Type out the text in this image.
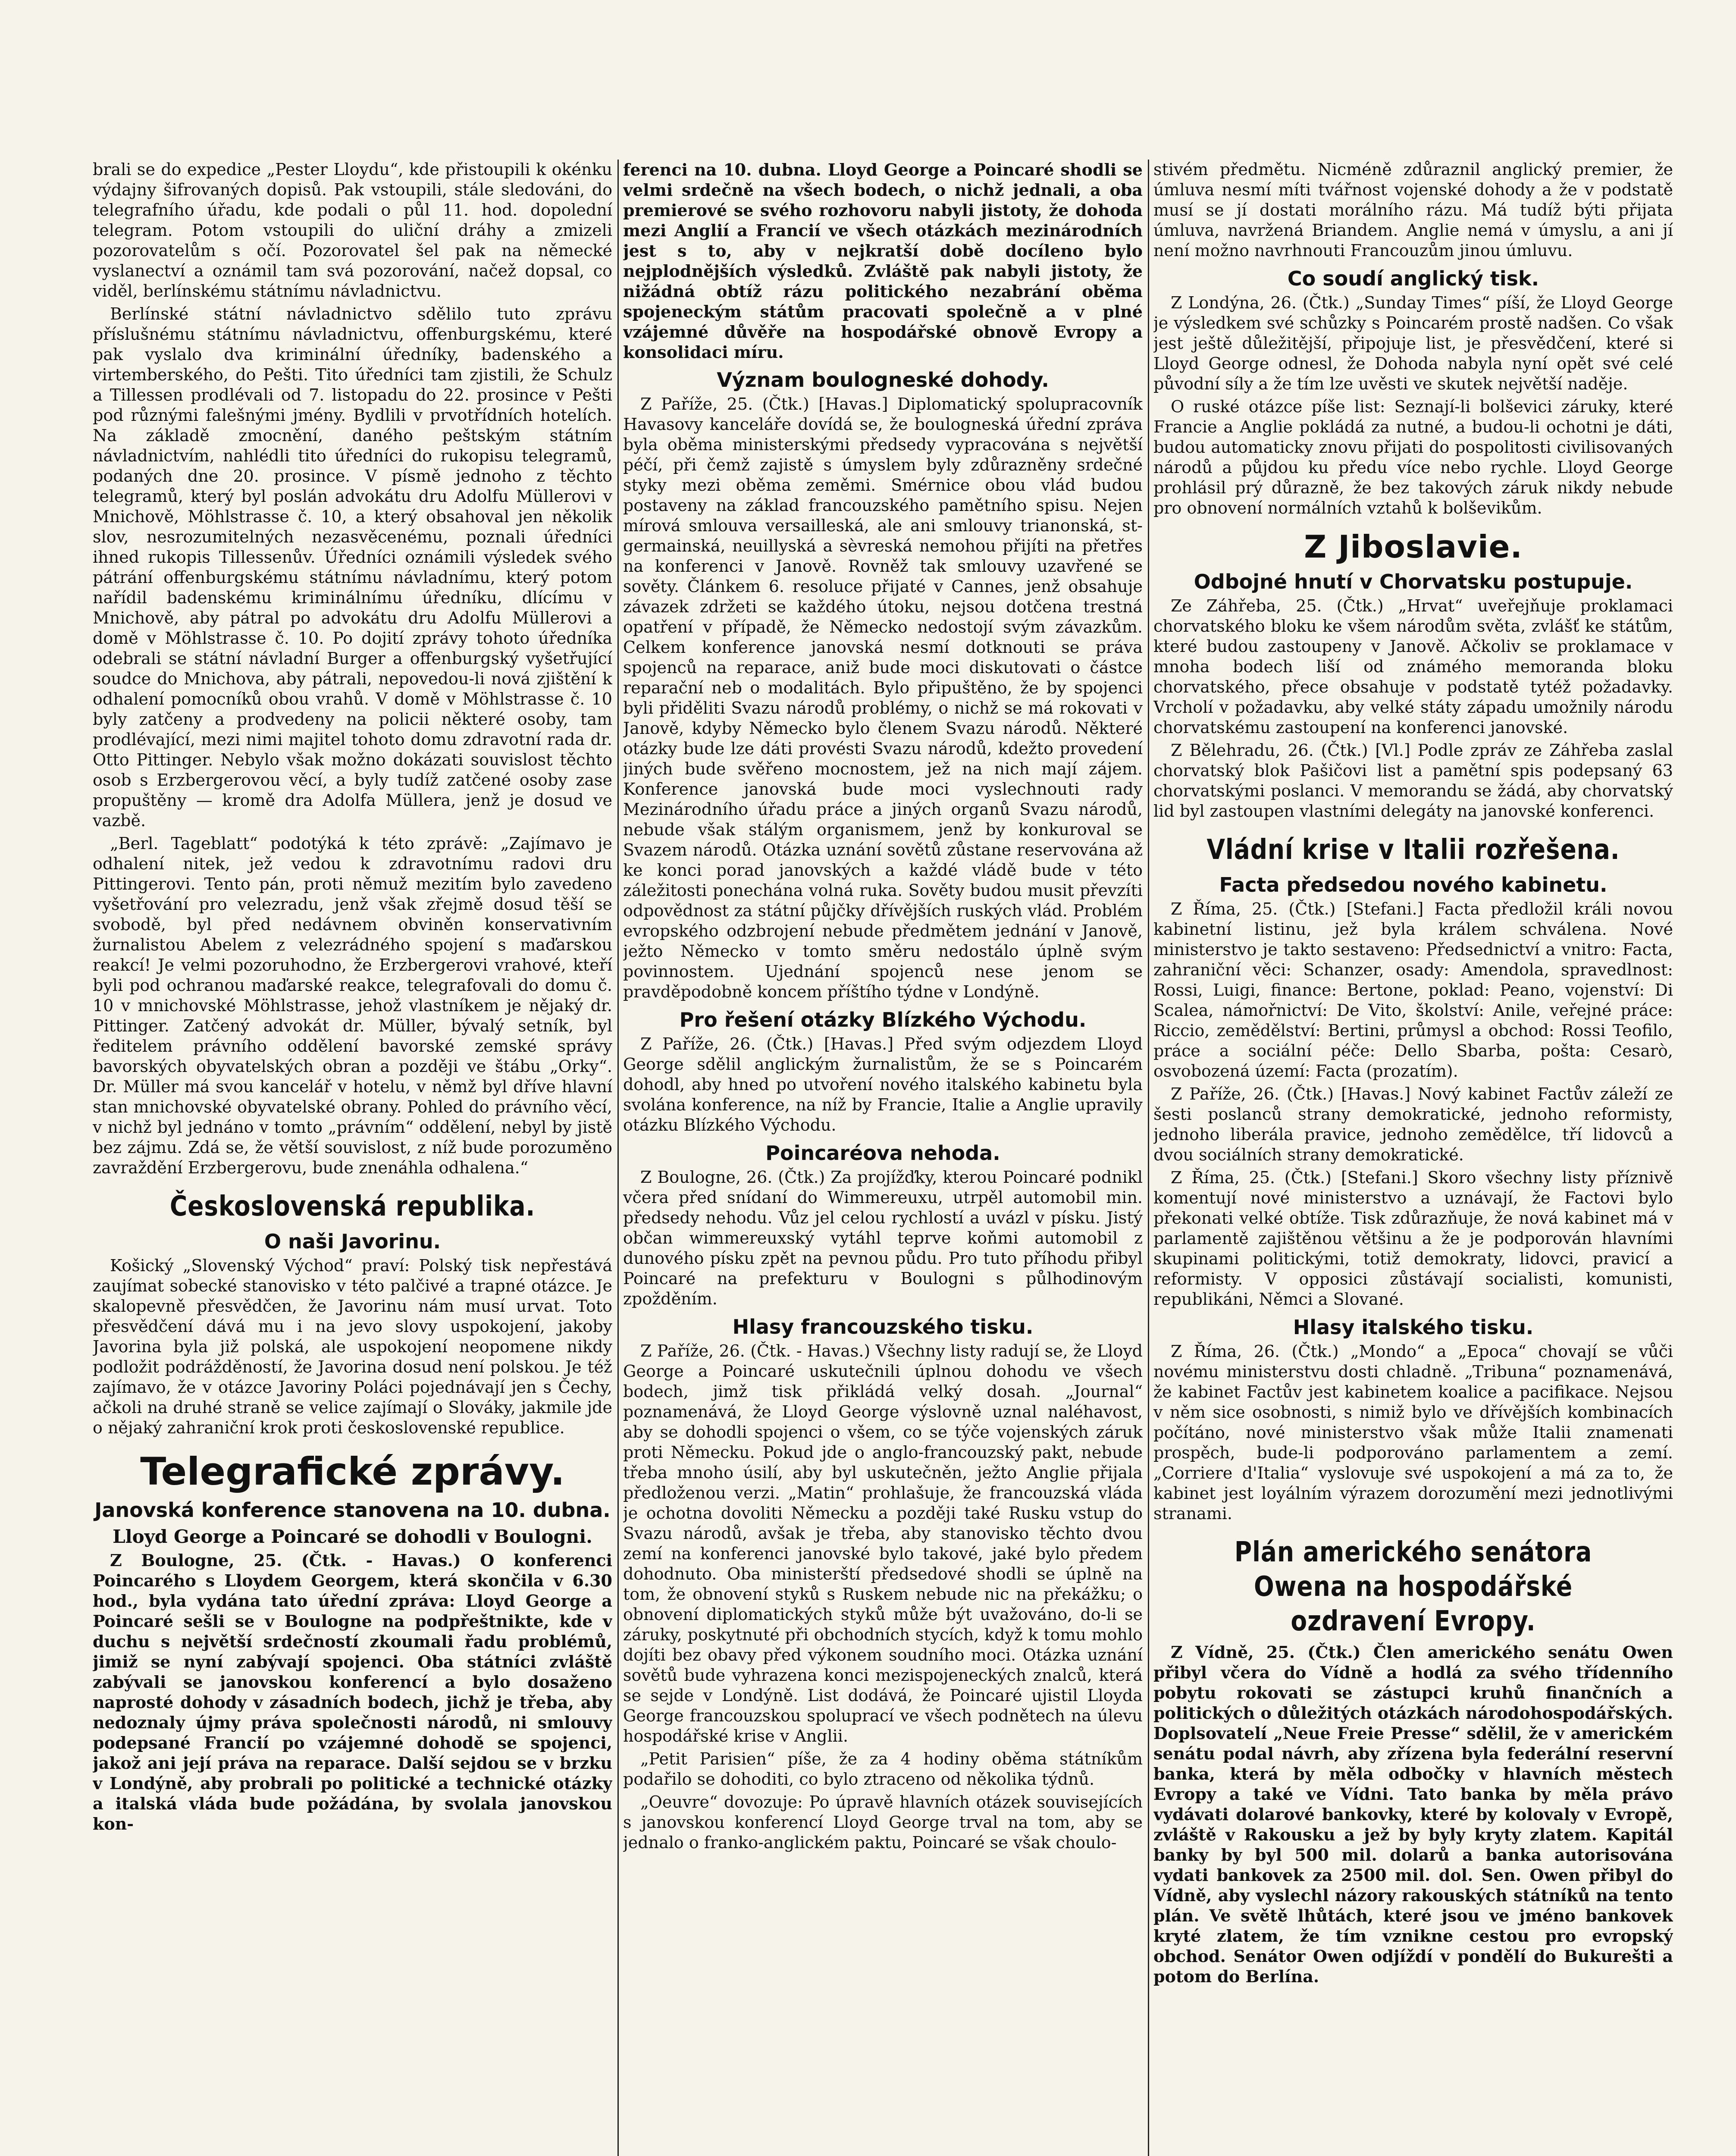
brali se do expedice „Pester Lloydu“, kde přistoupili k okénku výdajny šifrovaných dopisů. Pak vstoupili, stále sledováni, do telegrafního úřadu, kde podali o půl 11. hod. dopolední telegram. Potom vstoupili do uliční dráhy a zmizeli pozorovatelům s očí. Pozorovatel šel pak na německé vyslanectví a oznámil tam svá pozorování, načež dopsal, co viděl, berlínskému státnímu návladnictvu.

Berlínské státní návladnictvo sdělilo tuto zprávu příslušnému státnímu návladnictvu, offenburgskému, které pak vyslalo dva kriminální úředníky, badenského a virtemberského, do Pešti. Tito úředníci tam zjistili, že Schulz a Tillessen prodlévali od 7. listopadu do 22. prosince v Pešti pod různými falešnými jmény. Bydlili v prvotřídních hotelích. Na základě zmocnění, daného peštským státním návladnictvím, nahlédli tito úředníci do rukopisu telegramů, podaných dne 20. prosince. V písmě jednoho z těchto telegramů, který byl poslán advokátu dru Adolfu Müllerovi v Mnichově, Möhlstrasse č. 10, a který obsahoval jen několik slov, nesrozumitelných nezasvěcenému, poznali úředníci ihned rukopis Tillessenův. Úředníci oznámili výsledek svého pátrání offenburgskému státnímu návladnímu, který potom nařídil badenskému kriminálnímu úředníku, dlícímu v Mnichově, aby pátral po advokátu dru Adolfu Müllerovi a domě v Möhlstrasse č. 10. Po dojití zprávy tohoto úředníka odebrali se státní návladní Burger a offenburgský vyšetřující soudce do Mnichova, aby pátrali, nepovedou-li nová zjištění k odhalení pomocníků obou vrahů. V domě v Möhlstrasse č. 10 byly zatčeny a prodvedeny na policii některé osoby, tam prodlévající, mezi nimi majitel tohoto domu zdravotní rada dr. Otto Pittinger. Nebylo však možno dokázati souvislost těchto osob s Erzbergerovou věcí, a byly tudíž zatčené osoby zase propuštěny — kromě dra Adolfa Müllera, jenž je dosud ve vazbě.

„Berl. Tageblatt“ podotýká k této zprávě: „Zajímavo je odhalení nitek, jež vedou k zdravotnímu radovi dru Pittingerovi. Tento pán, proti němuž mezitím bylo zavedeno vyšetřování pro velezradu, jenž však zřejmě dosud těší se svobodě, byl před nedávnem obviněn konservativním žurnalistou Abelem z velezrádného spojení s maďarskou reakcí! Je velmi pozoruhodno, že Erzbergerovi vrahové, kteří byli pod ochranou maďarské reakce, telegrafovali do domu č. 10 v mnichovské Möhlstrasse, jehož vlastníkem je nějaký dr. Pittinger. Zatčený advokát dr. Müller, bývalý setník, byl ředitelem právního oddělení bavorské zemské správy bavorských obyvatelských obran a později ve štábu „Orky“. Dr. Müller má svou kancelář v hotelu, v němž byl dříve hlavní stan mnichovské obyvatelské obrany. Pohled do právního věcí, v nichž byl jednáno v tomto „právním“ oddělení, nebyl by jistě bez zájmu. Zdá se, že větší souvislost, z níž bude porozuměno zavraždění Erzbergerovu, bude znenáhla odhalena.“

Československá republika.
O naši Javorinu.

Košický „Slovenský Východ“ praví: Polský tisk nepřestává zaujímat sobecké stanovisko v této palčivé a trapné otázce. Je skalopevně přesvědčen, že Javorinu nám musí urvat. Toto přesvědčení dává mu i na jevo slovy uspokojení, jakoby Javorina byla již polská, ale uspokojení neopomene nikdy podložit podrážděností, že Javorina dosud není polskou. Je též zajímavo, že v otázce Javoriny Poláci pojednávají jen s Čechy, ačkoli na druhé straně se velice zajímají o Slováky, jakmile jde o nějaký zahraniční krok proti československé republice.

Telegrafické zprávy.
Janovská konference stanovena na 10. dubna.
Lloyd George a Poincaré se dohodli v Boulogni.

Z Boulogne, 25. (Čtk. - Havas.) O konferenci Poincarého s Lloydem Georgem, která skončila v 6.30 hod., byla vydána tato úřední zpráva: Lloyd George a Poincaré sešli se v Boulogne na podpřeštnikte, kde v duchu s největší srdečností zkoumali řadu problémů, jimiž se nyní zabývají spojenci. Oba státníci zvláště zabývali se janovskou konferencí a bylo dosaženo naprosté dohody v zásadních bodech, jichž je třeba, aby nedoznaly újmy práva společnosti národů, ni smlouvy podepsané Francií po vzájemné dohodě se spojenci, jakož ani její práva na reparace. Další sejdou se v brzku v Londýně, aby probrali po politické a technické otázky a italská vláda bude požádána, by svolala janovskou kon-

ferenci na 10. dubna. Lloyd George a Poincaré shodli se velmi srdečně na všech bodech, o nichž jednali, a oba premierové se svého rozhovoru nabyli jistoty, že dohoda mezi Anglií a Francií ve všech otázkách mezinárodních jest s to, aby v nejkratší době docíleno bylo nejplodnějších výsledků. Zvláště pak nabyli jistoty, že nižádná obtíž rázu politického nezabrání oběma spojeneckým státům pracovati společně a v plné vzájemné důvěře na hospodářské obnově Evropy a konsolidaci míru.

Význam boulogneské dohody.

Z Paříže, 25. (Čtk.) [Havas.] Diplomatický spolupracovník Havasovy kanceláře dovídá se, že boulogneská úřední zpráva byla oběma ministerskými předsedy vypracována s největší péčí, při čemž zajistě s úmyslem byly zdůrazněny srdečné styky mezi oběma zeměmi. Smérnice obou vlád budou postaveny na základ francouzského pamětního spisu. Nejen mírová smlouva versailleská, ale ani smlouvy trianonská, st-germainská, neuillyská a sèvreská nemohou přijíti na přetřes na konferenci v Janově. Rovněž tak smlouvy uzavřené se sověty. Článkem 6. resoluce přijaté v Cannes, jenž obsahuje závazek zdržeti se každého útoku, nejsou dotčena trestná opatření v případě, že Německo nedostojí svým závazkům. Celkem konference janovská nesmí dotknouti se práva spojenců na reparace, aniž bude moci diskutovati o částce reparační neb o modalitách. Bylo připuštěno, že by spojenci byli přiděliti Svazu národů problémy, o nichž se má rokovati v Janově, kdyby Německo bylo členem Svazu národů. Některé otázky bude lze dáti provésti Svazu národů, kdežto provedení jiných bude svěřeno mocnostem, jež na nich mají zájem. Konference janovská bude moci vyslechnouti rady Mezinárodního úřadu práce a jiných organů Svazu národů, nebude však stálým organismem, jenž by konkuroval se Svazem národů. Otázka uznání sovětů zůstane reservována až ke konci porad janovských a každé vládě bude v této záležitosti ponechána volná ruka. Sověty budou musit převzíti odpovědnost za státní půjčky dřívějších ruských vlád. Problém evropského odzbrojení nebude předmětem jednání v Janově, ježto Německo v tomto směru nedostálo úplně svým povinnostem. Ujednání spojenců nese jenom se pravděpodobně koncem příštího týdne v Londýně.

Pro řešení otázky Blízkého Východu.

Z Paříže, 26. (Čtk.) [Havas.] Před svým odjezdem Lloyd George sdělil anglickým žurnalistům, že se s Poincarém dohodl, aby hned po utvoření nového italského kabinetu byla svolána konference, na níž by Francie, Italie a Anglie upravily otázku Blízkého Východu.

Poincaréova nehoda.

Z Boulogne, 26. (Čtk.) Za projížďky, kterou Poincaré podnikl včera před snídaní do Wimmereuxu, utrpěl automobil min. předsedy nehodu. Vůz jel celou rychlostí a uvázl v písku. Jistý občan wimmereuxský vytáhl teprve koňmi automobil z dunového písku zpět na pevnou půdu. Pro tuto příhodu přibyl Poincaré na prefekturu v Boulogni s půlhodinovým zpožděním.

Hlasy francouzského tisku.

Z Paříže, 26. (Čtk. - Havas.) Všechny listy radují se, že Lloyd George a Poincaré uskutečnili úplnou dohodu ve všech bodech, jimž tisk přikládá velký dosah. „Journal“ poznamenává, že Lloyd George výslovně uznal naléhavost, aby se dohodli spojenci o všem, co se týče vojenských záruk proti Německu. Pokud jde o anglo-francouzský pakt, nebude třeba mnoho úsilí, aby byl uskutečněn, ježto Anglie přijala předloženou verzi. „Matin“ prohlašuje, že francouzská vláda je ochotna dovoliti Německu a později také Rusku vstup do Svazu národů, avšak je třeba, aby stanovisko těchto dvou zemí na konferenci janovské bylo takové, jaké bylo předem dohodnuto. Oba ministerští předsedové shodli se úplně na tom, že obnovení styků s Ruskem nebude nic na překážku; o obnovení diplomatických styků může být uvažováno, do-li se záruky, poskytnuté při obchodních stycích, když k tomu mohlo dojíti bez obavy před výkonem soudního moci. Otázka uznání sovětů bude vyhrazena konci mezispojeneckých znalců, která se sejde v Londýně. List dodává, že Poincaré ujistil Lloyda George francouzskou spoluprací ve všech podnětech na úlevu hospodářské krise v Anglii.

„Petit Parisien“ píše, že za 4 hodiny oběma státníkům podařilo se dohoditi, co bylo ztraceno od několika týdnů.

„Oeuvre“ dovozuje: Po úpravě hlavních otázek souvisejících s janovskou konferencí Lloyd George trval na tom, aby se jednalo o franko-anglickém paktu, Poincaré se však choulo-

stivém předmětu. Nicméně zdůraznil anglický premier, že úmluva nesmí míti tvářnost vojenské dohody a že v podstatě musí se jí dostati morálního rázu. Má tudíž býti přijata úmluva, navržená Briandem. Anglie nemá v úmyslu, a ani jí není možno navrhnouti Francouzům jinou úmluvu.

Co soudí anglický tisk.

Z Londýna, 26. (Čtk.) „Sunday Times“ píší, že Lloyd George je výsledkem své schůzky s Poincarém prostě nadšen. Co však jest ještě důležitější, připojuje list, je přesvědčení, které si Lloyd George odnesl, že Dohoda nabyla nyní opět své celé původní síly a že tím lze uvěsti ve skutek největší naděje.

O ruské otázce píše list: Seznají-li bolševici záruky, které Francie a Anglie pokládá za nutné, a budou-li ochotni je dáti, budou automaticky znovu přijati do pospolitosti civilisovaných národů a půjdou ku předu více nebo rychle. Lloyd George prohlásil prý důrazně, že bez takových záruk nikdy nebude pro obnovení normálních vztahů k bolševikům.

Z Jiboslavie.
Odbojné hnutí v Chorvatsku postupuje.

Ze Záhřeba, 25. (Čtk.) „Hrvat“ uveřejňuje proklamaci chorvatského bloku ke všem národům světa, zvlášť ke státům, které budou zastoupeny v Janově. Ačkoliv se proklamace v mnoha bodech liší od známého memoranda bloku chorvatského, přece obsahuje v podstatě tytéž požadavky. Vrcholí v požadavku, aby velké státy západu umožnily národu chorvatskému zastoupení na konferenci janovské.

Z Bělehradu, 26. (Čtk.) [Vl.] Podle zpráv ze Záhřeba zaslal chorvatský blok Pašičovi list a pamětní spis podepsaný 63 chorvatskými poslanci. V memorandu se žádá, aby chorvatský lid byl zastoupen vlastními delegáty na janovské konferenci.

Vládní krise v Italii rozřešena.
Facta předsedou nového kabinetu.

Z Říma, 25. (Čtk.) [Stefani.] Facta předložil králi novou kabinetní listinu, jež byla králem schválena. Nové ministerstvo je takto sestaveno: Předsednictví a vnitro: Facta, zahraniční věci: Schanzer, osady: Amendola, spravedlnost: Rossi, Luigi, finance: Bertone, poklad: Peano, vojenství: Di Scalea, námořnictví: De Vito, školství: Anile, veřejné práce: Riccio, zemědělství: Bertini, průmysl a obchod: Rossi Teofilo, práce a sociální péče: Dello Sbarba, pošta: Cesarò, osvobozená území: Facta (prozatím).

Z Paříže, 26. (Čtk.) [Havas.] Nový kabinet Factův záleží ze šesti poslanců strany demokratické, jednoho reformisty, jednoho liberála pravice, jednoho zemědělce, tří lidovců a dvou sociálních strany demokratické.

Z Říma, 25. (Čtk.) [Stefani.] Skoro všechny listy příznivě komentují nové ministerstvo a uznávají, že Factovi bylo překonati velké obtíže. Tisk zdůrazňuje, že nová kabinet má v parlamentě zajištěnou většinu a že je podporován hlavními skupinami politickými, totiž demokraty, lidovci, pravicí a reformisty. V opposici zůstávají socialisti, komunisti, republikáni, Němci a Slované.

Hlasy italského tisku.

Z Říma, 26. (Čtk.) „Mondo“ a „Epoca“ chovají se vůči novému ministerstvu dosti chladně. „Tribuna“ poznamenává, že kabinet Factův jest kabinetem koalice a pacifikace. Nejsou v něm sice osobnosti, s nimiž bylo ve dřívějších kombinacích počítáno, nové ministerstvo však může Italii znamenati prospěch, bude-li podporováno parlamentem a zemí. „Corriere d'Italia“ vyslovuje své uspokojení a má za to, že kabinet jest loyálním výrazem dorozumění mezi jednotlivými stranami.

Plán amerického senátora Owena na hospodářské ozdravení Evropy.

Z Vídně, 25. (Čtk.) Člen amerického senátu Owen přibyl včera do Vídně a hodlá za svého třídenního pobytu rokovati se zástupci kruhů finančních a politických o důležitých otázkách národohospodářských. Doplsovatelí „Neue Freie Presse“ sdělil, že v americkém senátu podal návrh, aby zřízena byla federální reservní banka, která by měla odbočky v hlavních městech Evropy a také ve Vídni. Tato banka by měla právo vydávati dolarové bankovky, které by kolovaly v Evropě, zvláště v Rakousku a jež by byly kryty zlatem. Kapitál banky by byl 500 mil. dolarů a banka autorisována vydati bankovek za 2500 mil. dol. Sen. Owen přibyl do Vídně, aby vyslechl názory rakouských státníků na tento plán. Ve světě lhůtách, které jsou ve jméno bankovek kryté zlatem, že tím vznikne cestou pro evropský obchod. Senátor Owen odjíždí v pondělí do Bukurešti a potom do Berlína.
